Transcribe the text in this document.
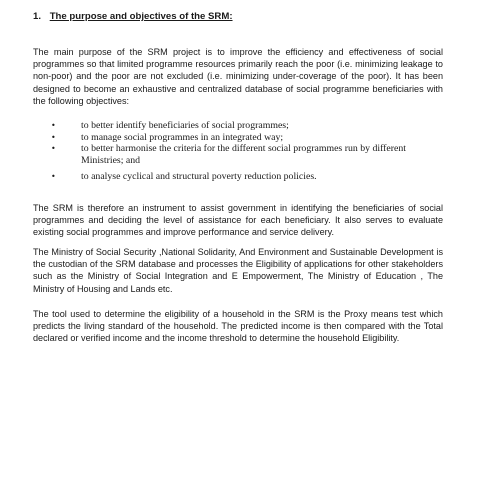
1. The purpose and objectives of the SRM:

The main purpose of the SRM project is to improve the efficiency and effectiveness of social programmes so that limited programme resources primarily reach the poor (i.e. minimizing leakage to non-poor) and the poor are not excluded (i.e. minimizing under-coverage of the poor). It has been designed to become an exhaustive and centralized database of social programme beneficiaries with the following objectives:

•	to better identify beneficiaries of social programmes;
•	to manage social programmes in an integrated way;
•	to better harmonise the criteria for the different social programmes run by different Ministries; and
•	to analyse cyclical and structural poverty reduction policies.

The SRM is therefore an instrument to assist government in identifying the beneficiaries of social programmes and deciding the level of assistance for each beneficiary. It also serves to evaluate existing social programmes and improve performance and service delivery.

The Ministry of Social Security ,National Solidarity, And Environment and Sustainable Development is the custodian of the SRM database and processes the Eligibility of applications for other stakeholders such as the Ministry of Social Integration and E Empowerment, The Ministry of Education , The Ministry of Housing and Lands etc.

The tool used to determine the eligibility of a household in the SRM is the Proxy means test which predicts the living standard of the household. The predicted income is then compared with the Total declared or verified income and the income threshold to determine the household Eligibility.
